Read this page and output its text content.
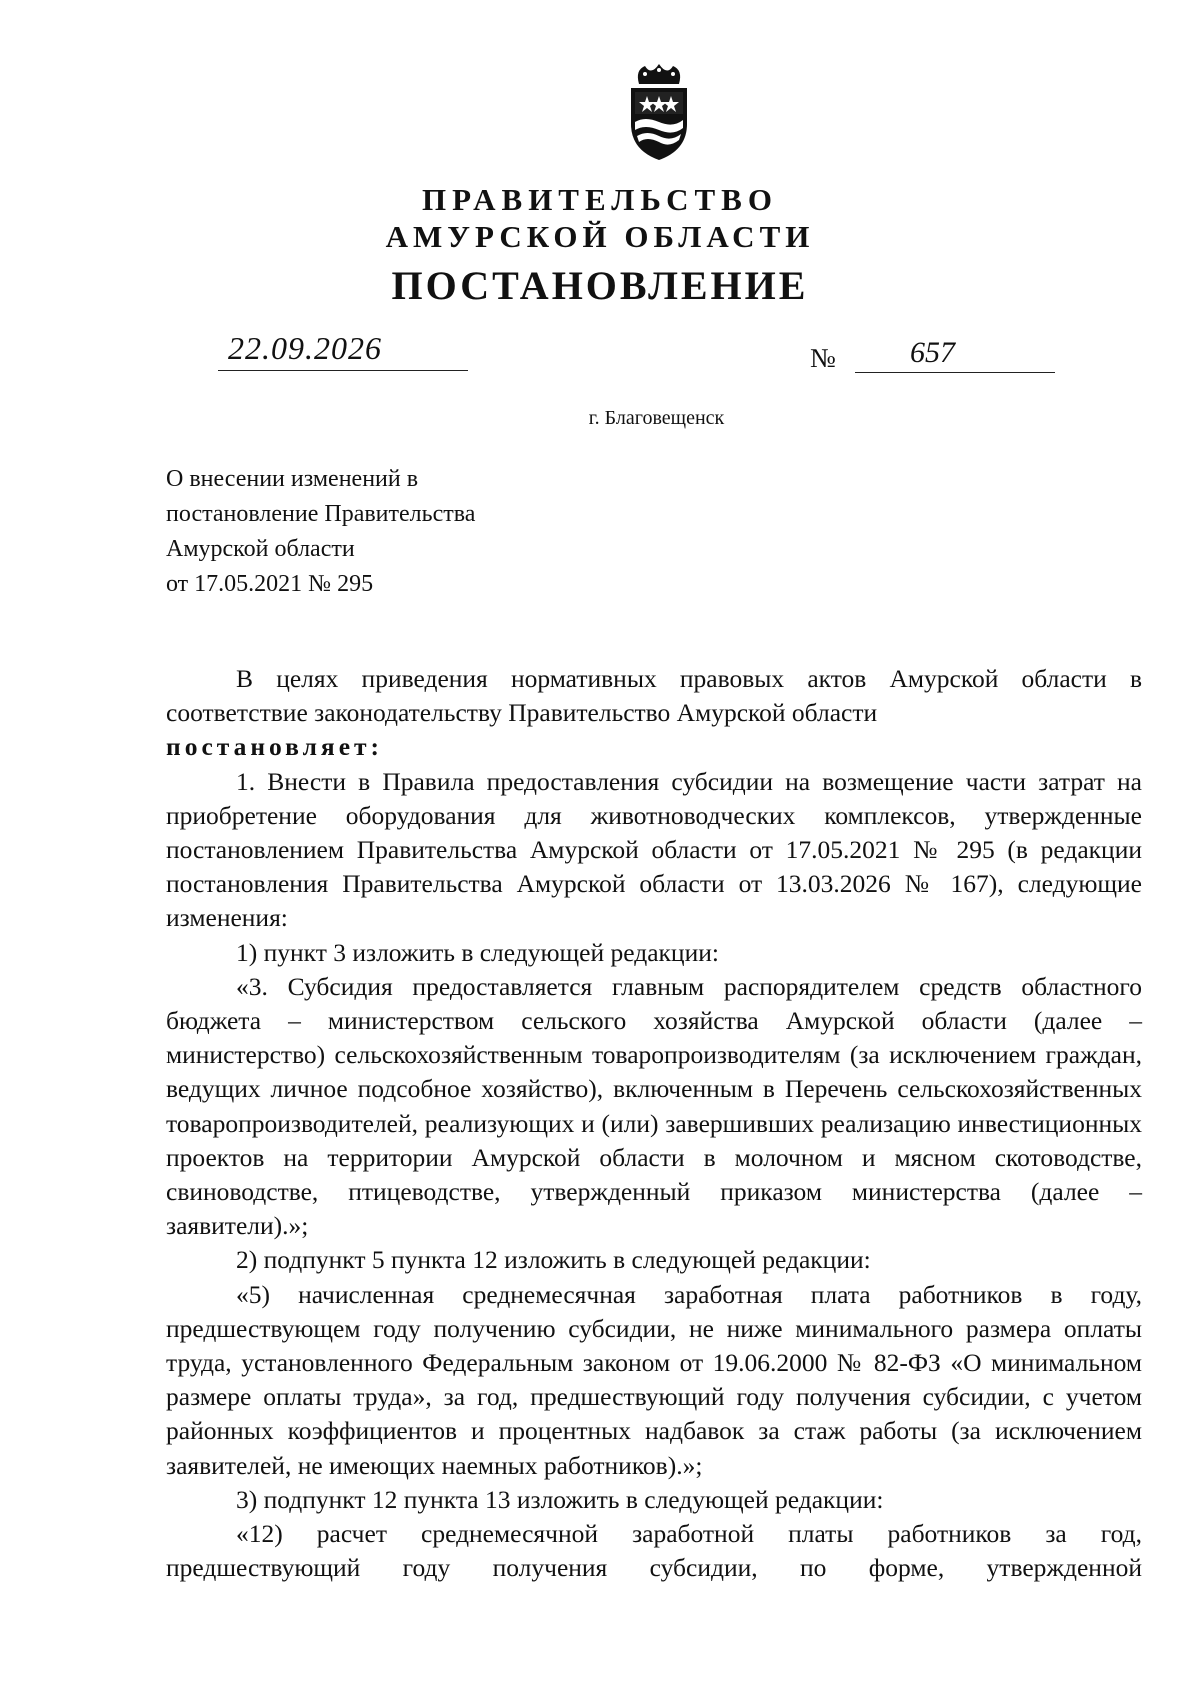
ПРАВИТЕЛЬСТВО
АМУРСКОЙ ОБЛАСТИ
ПОСТАНОВЛЕНИЕ
22.09.2026	№ 657
г. Благовещенск
О внесении изменений в
постановление Правительства
Амурской области
от 17.05.2021 № 295

В целях приведения нормативных правовых актов Амурской области в соответствие законодательству Правительство Амурской области

постановляет:

1. Внести в Правила предоставления субсидии на возмещение части затрат на приобретение оборудования для животноводческих комплексов, утвержденные постановлением Правительства Амурской области от 17.05.2021 № 295 (в редакции постановления Правительства Амурской области от 13.03.2026 № 167), следующие изменения:

1) пункт 3 изложить в следующей редакции:

«3. Субсидия предоставляется главным распорядителем средств областного бюджета – министерством сельского хозяйства Амурской области (далее – министерство) сельскохозяйственным товаропроизводителям (за исключением граждан, ведущих личное подсобное хозяйство), включенным в Перечень сельскохозяйственных товаропроизводителей, реализующих и (или) завершивших реализацию инвестиционных проектов на территории Амурской области в молочном и мясном скотоводстве, свиноводстве, птицеводстве, утвержденный приказом министерства (далее – заявители).»;

2) подпункт 5 пункта 12 изложить в следующей редакции:

«5) начисленная среднемесячная заработная плата работников в году, предшествующем году получению субсидии, не ниже минимального размера оплаты труда, установленного Федеральным законом от 19.06.2000 № 82-ФЗ «О минимальном размере оплаты труда», за год, предшествующий году получения субсидии, с учетом районных коэффициентов и процентных надбавок за стаж работы (за исключением заявителей, не имеющих наемных работников).»;

3) подпункт 12 пункта 13 изложить в следующей редакции:

«12) расчет среднемесячной заработной платы работников за год, предшествующий году получения субсидии, по форме, утвержденной
